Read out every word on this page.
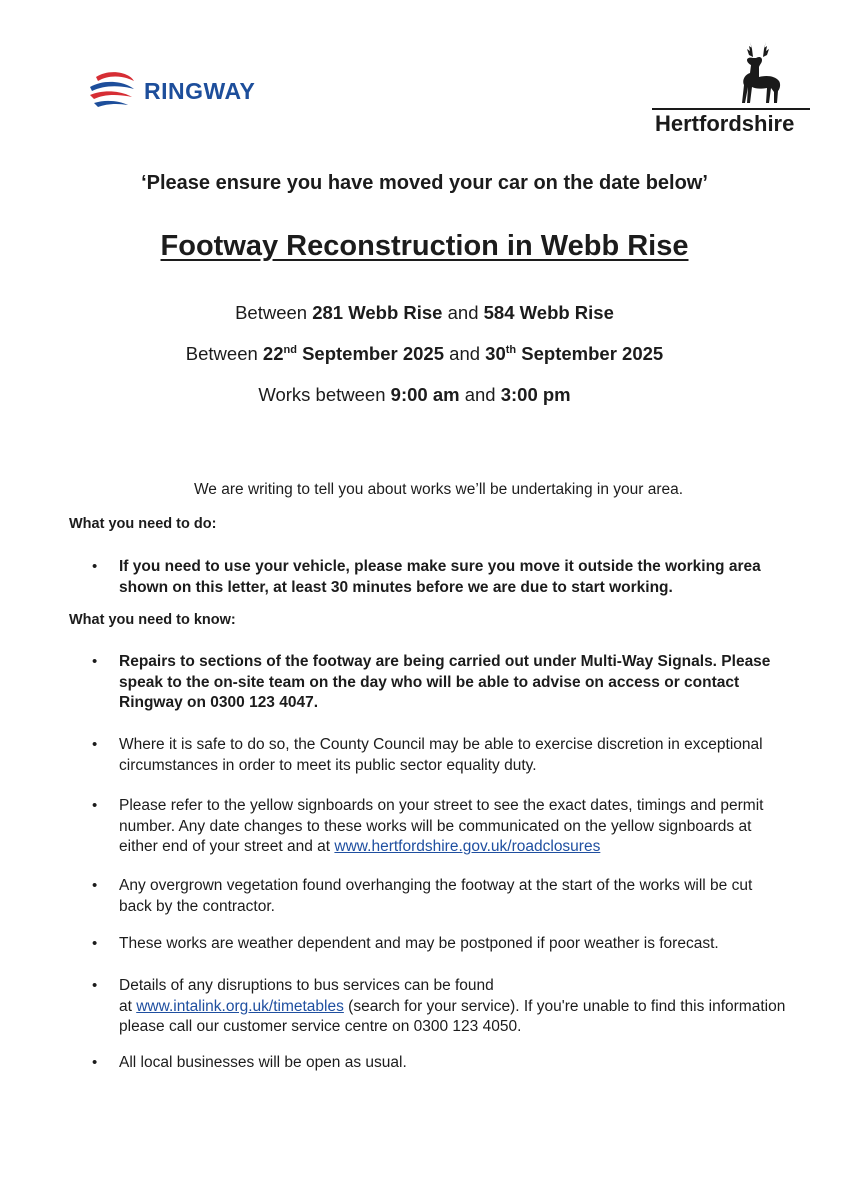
RINGWAY
Hertfordshire
‘Please ensure you have moved your car on the date below’
Footway Reconstruction in Webb Rise
Between 281 Webb Rise and 584 Webb Rise
Between 22nd September 2025 and 30th September 2025
Works between 9:00 am and 3:00 pm
We are writing to tell you about works we’ll be undertaking in your area.
What you need to do:
•	If you need to use your vehicle, please make sure you move it outside the working area shown on this letter, at least 30 minutes before we are due to start working.
What you need to know:
•	Repairs to sections of the footway are being carried out under Multi-Way Signals. Please speak to the on-site team on the day who will be able to advise on access or contact Ringway on 0300 123 4047.
•	Where it is safe to do so, the County Council may be able to exercise discretion in exceptional circumstances in order to meet its public sector equality duty.
•	Please refer to the yellow signboards on your street to see the exact dates, timings and permit number. Any date changes to these works will be communicated on the yellow signboards at either end of your street and at www.hertfordshire.gov.uk/roadclosures
•	Any overgrown vegetation found overhanging the footway at the start of the works will be cut back by the contractor.
•	These works are weather dependent and may be postponed if poor weather is forecast.
•	Details of any disruptions to bus services can be found
at www.intalink.org.uk/timetables (search for your service). If you're unable to find this information please call our customer service centre on 0300 123 4050.
•	All local businesses will be open as usual.
